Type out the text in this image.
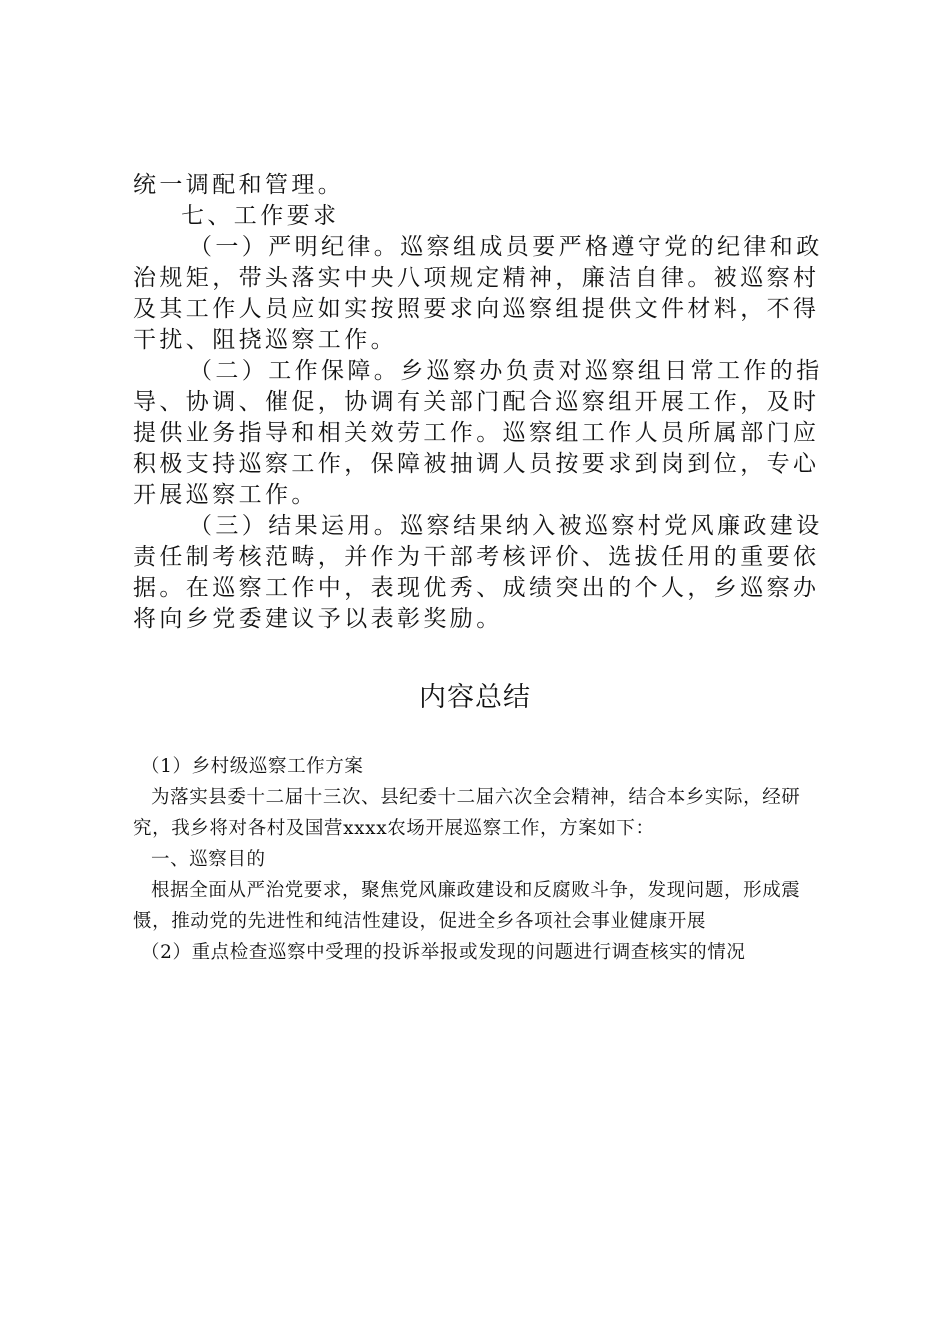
统一调配和管理。

七、工作要求

（一）严明纪律。巡察组成员要严格遵守党的纪律和政治规矩，带头落实中央八项规定精神，廉洁自律。被巡察村及其工作人员应如实按照要求向巡察组提供文件材料，不得干扰、阻挠巡察工作。

（二）工作保障。乡巡察办负责对巡察组日常工作的指导、协调、催促，协调有关部门配合巡察组开展工作，及时提供业务指导和相关效劳工作。巡察组工作人员所属部门应积极支持巡察工作，保障被抽调人员按要求到岗到位，专心开展巡察工作。

（三）结果运用。巡察结果纳入被巡察村党风廉政建设责任制考核范畴，并作为干部考核评价、选拔任用的重要依据。在巡察工作中，表现优秀、成绩突出的个人，乡巡察办将向乡党委建议予以表彰奖励。

内容总结

（1）乡村级巡察工作方案

为落实县委十二届十三次、县纪委十二届六次全会精神，结合本乡实际，经研究，我乡将对各村及国营xxxx农场开展巡察工作，方案如下：

一、巡察目的

根据全面从严治党要求，聚焦党风廉政建设和反腐败斗争，发现问题，形成震慑，推动党的先进性和纯洁性建设，促进全乡各项社会事业健康开展

（2）重点检查巡察中受理的投诉举报或发现的问题进行调查核实的情况
